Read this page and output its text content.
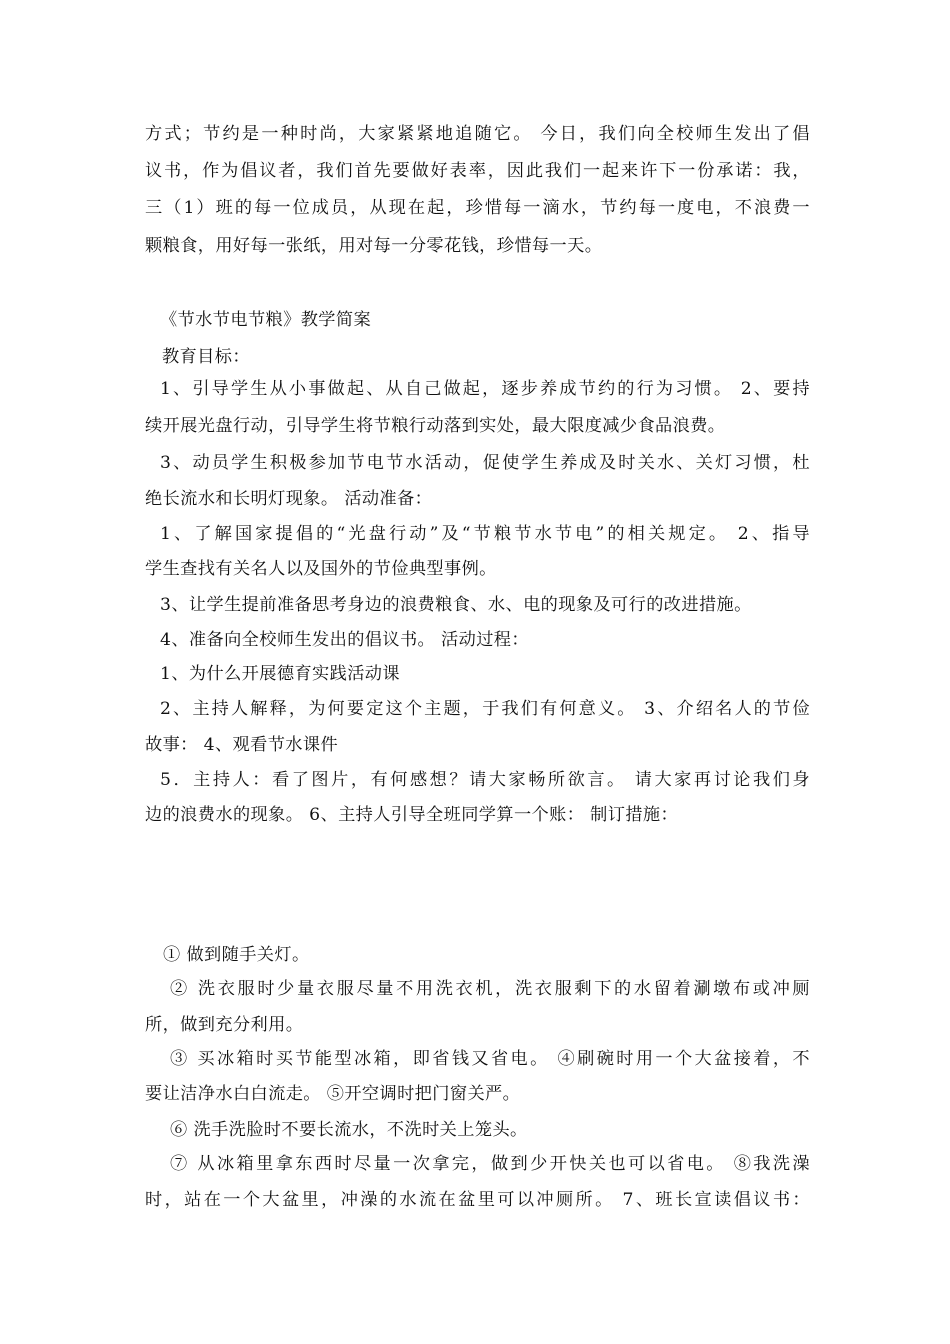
方式；节约是一种时尚，大家紧紧地追随它。 今日，我们向全校师生发出了倡
议书，作为倡议者，我们首先要做好表率，因此我们一起来许下一份承诺：我，
三（1）班的每一位成员，从现在起，珍惜每一滴水，节约每一度电，不浪费一
颗粮食，用好每一张纸，用对每一分零花钱，珍惜每一天。
《节水节电节粮》教学简案
教育目标：
1、引导学生从小事做起、从自己做起，逐步养成节约的行为习惯。 2、要持
续开展光盘行动，引导学生将节粮行动落到实处，最大限度减少食品浪费。
3、动员学生积极参加节电节水活动，促使学生养成及时关水、关灯习惯，杜
绝长流水和长明灯现象。 活动准备：
1、了解国家提倡的“光盘行动”及“节粮节水节电”的相关规定。 2、指导
学生查找有关名人以及国外的节俭典型事例。
3、让学生提前准备思考身边的浪费粮食、水、电的现象及可行的改进措施。
4、准备向全校师生发出的倡议书。 活动过程：
1、为什么开展德育实践活动课
2、主持人解释，为何要定这个主题，于我们有何意义。 3、介绍名人的节俭
故事： 4、观看节水课件
5．主持人：看了图片，有何感想？请大家畅所欲言。 请大家再讨论我们身
边的浪费水的现象。 6、主持人引导全班同学算一个账： 制订措施：
① 做到随手关灯。
② 洗衣服时少量衣服尽量不用洗衣机，洗衣服剩下的水留着涮墩布或冲厕
所，做到充分利用。
③ 买冰箱时买节能型冰箱，即省钱又省电。 ④刷碗时用一个大盆接着，不
要让洁净水白白流走。 ⑤开空调时把门窗关严。
⑥ 洗手洗脸时不要长流水，不洗时关上笼头。
⑦ 从冰箱里拿东西时尽量一次拿完，做到少开快关也可以省电。 ⑧我洗澡
时，站在一个大盆里，冲澡的水流在盆里可以冲厕所。 7、班长宣读倡议书：
